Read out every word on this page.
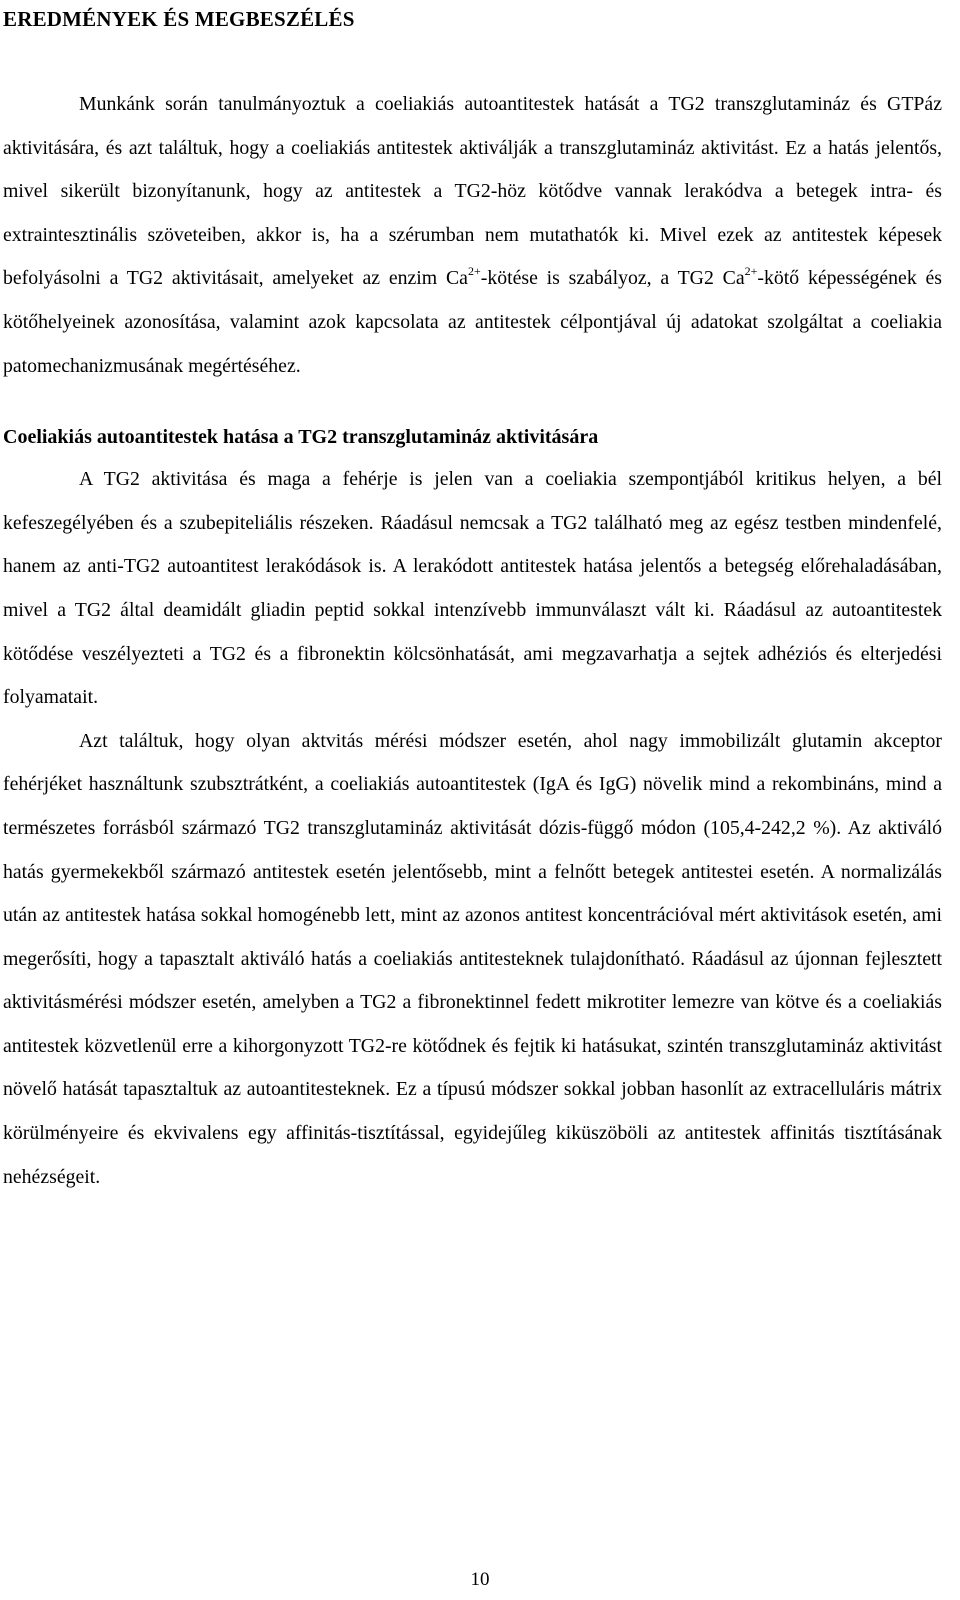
EREDMÉNYEK ÉS MEGBESZÉLÉS

Munkánk során tanulmányoztuk a coeliakiás autoantitestek hatását a TG2 transzglutamináz és GTPáz aktivitására, és azt találtuk, hogy a coeliakiás antitestek aktiválják a transzglutamináz aktivitást. Ez a hatás jelentős, mivel sikerült bizonyítanunk, hogy az antitestek a TG2-höz kötődve vannak lerakódva a betegek intra- és extraintesztinális szöveteiben, akkor is, ha a szérumban nem mutathatók ki. Mivel ezek az antitestek képesek befolyásolni a TG2 aktivitásait, amelyeket az enzim $Ca^{2+}$-kötése is szabályoz, a TG2 $Ca^{2+}$-kötő képességének és kötőhelyeinek azonosítása, valamint azok kapcsolata az antitestek célpontjával új adatokat szolgáltat a coeliakia patomechanizmusának megértéséhez.

Coeliakiás autoantitestek hatása a TG2 transzglutamináz aktivitására

A TG2 aktivitása és maga a fehérje is jelen van a coeliakia szempontjából kritikus helyen, a bél kefeszegélyében és a szubepiteliális részeken. Ráadásul nemcsak a TG2 található meg az egész testben mindenfelé, hanem az anti-TG2 autoantitest lerakódások is. A lerakódott antitestek hatása jelentős a betegség előrehaladásában, mivel a TG2 által deamidált gliadin peptid sokkal intenzívebb immunválaszt vált ki. Ráadásul az autoantitestek kötődése veszélyezteti a TG2 és a fibronektin kölcsönhatását, ami megzavarhatja a sejtek adhéziós és elterjedési folyamatait.

Azt találtuk, hogy olyan aktvitás mérési módszer esetén, ahol nagy immobilizált glutamin akceptor fehérjéket használtunk szubsztrátként, a coeliakiás autoantitestek (IgA és IgG) növelik mind a rekombináns, mind a természetes forrásból származó TG2 transzglutamináz aktivitását dózis-függő módon (105,4-242,2 %). Az aktiváló hatás gyermekekből származó antitestek esetén jelentősebb, mint a felnőtt betegek antitestei esetén. A normalizálás után az antitestek hatása sokkal homogénebb lett, mint az azonos antitest koncentrációval mért aktivitások esetén, ami megerősíti, hogy a tapasztalt aktiváló hatás a coeliakiás antitesteknek tulajdonítható. Ráadásul az újonnan fejlesztett aktivitásmérési módszer esetén, amelyben a TG2 a fibronektinnel fedett mikrotiter lemezre van kötve és a coeliakiás antitestek közvetlenül erre a kihorgonyzott TG2-re kötődnek és fejtik ki hatásukat, szintén transzglutamináz aktivitást növelő hatását tapasztaltuk az autoantitesteknek. Ez a típusú módszer sokkal jobban hasonlít az extracelluláris mátrix körülményeire és ekvivalens egy affinitás-tisztítással, egyidejűleg kiküszöböli az antitestek affinitás tisztításának nehézségeit.

10
